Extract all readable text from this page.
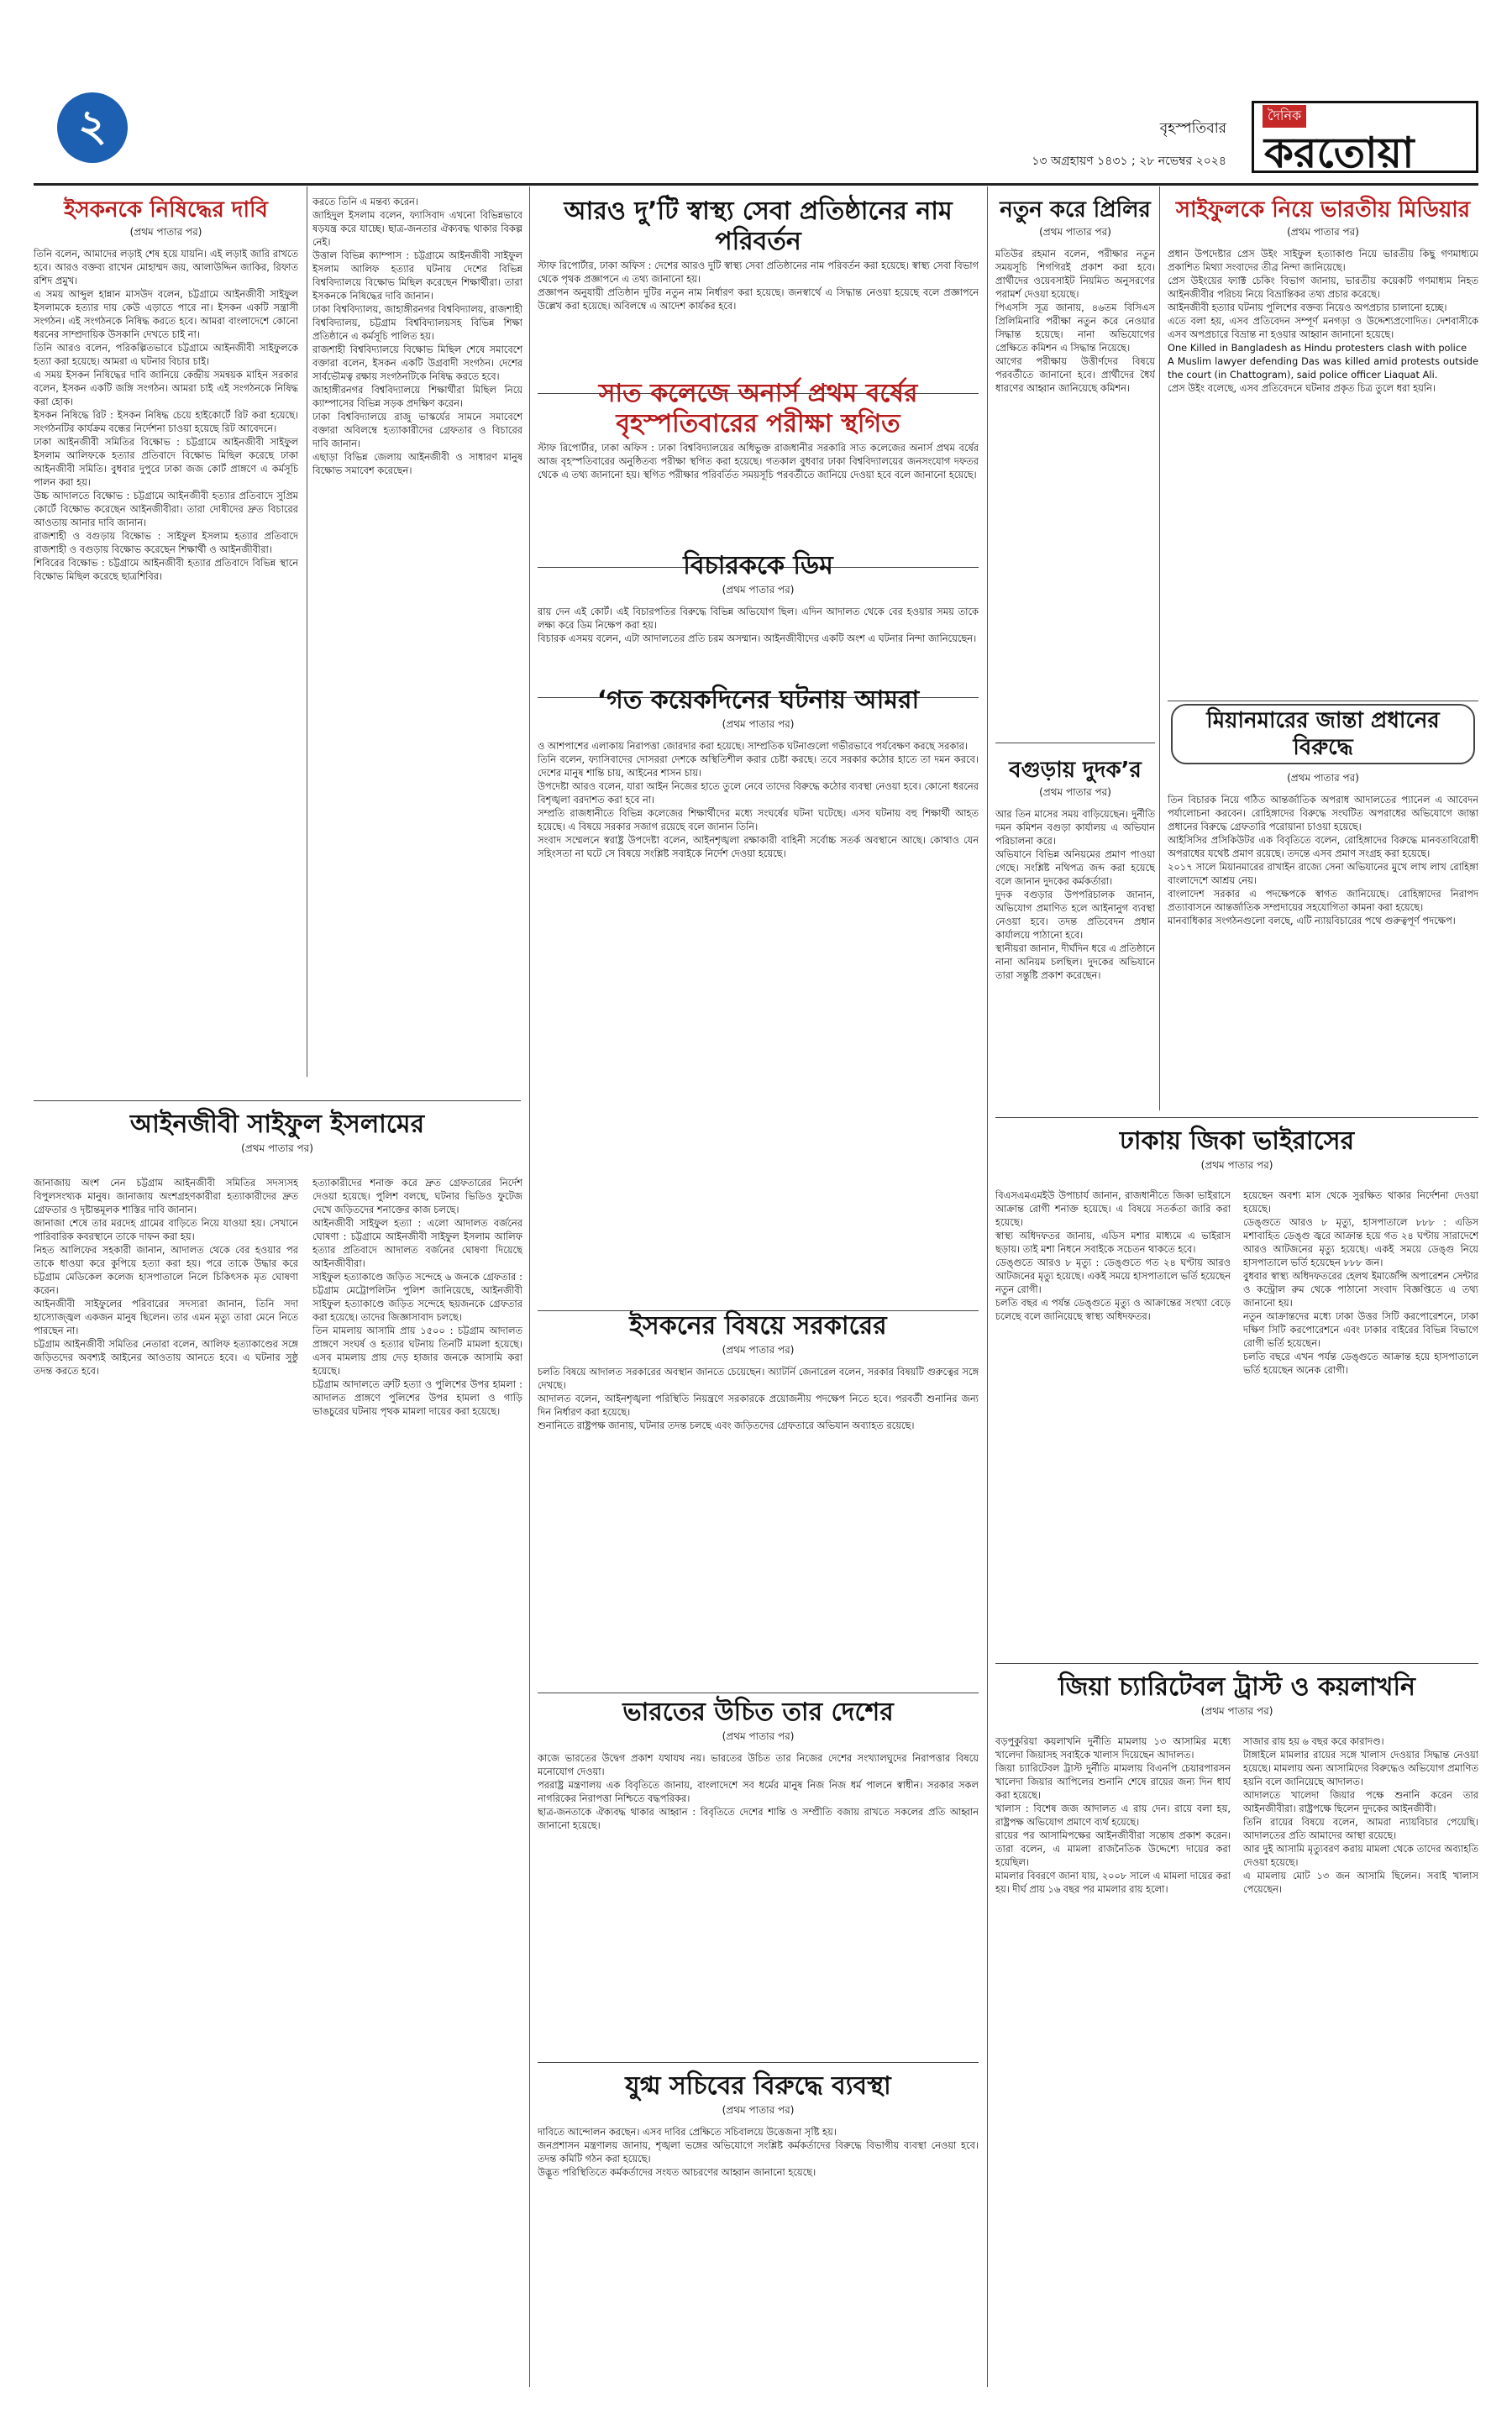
২	বৃহস্পতিবার
১৩ অগ্রহায়ণ ১৪৩১ ; ২৮ নভেম্বর ২০২৪
দৈনিক
করতোয়া
ইসকনকে নিষিদ্ধের দাবি
(প্রথম পাতার পর)
তিনি বলেন, আমাদের লড়াই শেষ হয়ে যায়নি। এই লড়াই জারি রাখতে হবে। আরও বক্তব্য রাখেন মোহাম্মদ জয়, আলাউদ্দিন জাকির, রিফাত রশিদ প্রমুখ।
এ সময় আব্দুল হান্নান মাসউদ বলেন, চট্টগ্রামে আইনজীবী সাইফুল ইসলামকে হত্যার দায় কেউ এড়াতে পারে না। ইসকন একটি সন্ত্রাসী সংগঠন। এই সংগঠনকে নিষিদ্ধ করতে হবে। আমরা বাংলাদেশে কোনো ধরনের সাম্প্রদায়িক উসকানি দেখতে চাই না।
তিনি আরও বলেন, পরিকল্পিতভাবে চট্টগ্রামে আইনজীবী সাইফুলকে হত্যা করা হয়েছে। আমরা এ ঘটনার বিচার চাই।
এ সময় ইসকন নিষিদ্ধের দাবি জানিয়ে কেন্দ্রীয় সমন্বয়ক মাহিন সরকার বলেন, ইসকন একটি জঙ্গি সংগঠন। আমরা চাই এই সংগঠনকে নিষিদ্ধ করা হোক।
ইসকন নিষিদ্ধে রিট : ইসকন নিষিদ্ধ চেয়ে হাইকোর্টে রিট করা হয়েছে। সংগঠনটির কার্যক্রম বন্ধের নির্দেশনা চাওয়া হয়েছে রিট আবেদনে।
ঢাকা আইনজীবী সমিতির বিক্ষোভ : চট্টগ্রামে আইনজীবী সাইফুল ইসলাম আলিফকে হত্যার প্রতিবাদে বিক্ষোভ মিছিল করেছে ঢাকা আইনজীবী সমিতি। বুধবার দুপুরে ঢাকা জজ কোর্ট প্রাঙ্গণে এ কর্মসূচি পালন করা হয়।
উচ্চ আদালতে বিক্ষোভ : চট্টগ্রামে আইনজীবী হত্যার প্রতিবাদে সুপ্রিম কোর্টে বিক্ষোভ করেছেন আইনজীবীরা। তারা দোষীদের দ্রুত বিচারের আওতায় আনার দাবি জানান।
রাজশাহী ও বগুড়ায় বিক্ষোভ : সাইফুল ইসলাম হত্যার প্রতিবাদে রাজশাহী ও বগুড়ায় বিক্ষোভ করেছেন শিক্ষার্থী ও আইনজীবীরা।
শিবিরের বিক্ষোভ : চট্টগ্রামে আইনজীবী হত্যার প্রতিবাদে বিভিন্ন স্থানে বিক্ষোভ মিছিল করেছে ছাত্রশিবির।
করতে তিনি এ মন্তব্য করেন।
জাহিদুল ইসলাম বলেন, ফ্যাসিবাদ এখনো বিভিন্নভাবে ষড়যন্ত্র করে যাচ্ছে। ছাত্র-জনতার ঐক্যবদ্ধ থাকার বিকল্প নেই।
উত্তাল বিভিন্ন ক্যাম্পাস : চট্টগ্রামে আইনজীবী সাইফুল ইসলাম আলিফ হত্যার ঘটনায় দেশের বিভিন্ন বিশ্ববিদ্যালয়ে বিক্ষোভ মিছিল করেছেন শিক্ষার্থীরা। তারা ইসকনকে নিষিদ্ধের দাবি জানান।
ঢাকা বিশ্ববিদ্যালয়, জাহাঙ্গীরনগর বিশ্ববিদ্যালয়, রাজশাহী বিশ্ববিদ্যালয়, চট্টগ্রাম বিশ্ববিদ্যালয়সহ বিভিন্ন শিক্ষা প্রতিষ্ঠানে এ কর্মসূচি পালিত হয়।
রাজশাহী বিশ্ববিদ্যালয়ে বিক্ষোভ মিছিল শেষে সমাবেশে বক্তারা বলেন, ইসকন একটি উগ্রবাদী সংগঠন। দেশের সার্বভৌমত্ব রক্ষায় সংগঠনটিকে নিষিদ্ধ করতে হবে।
জাহাঙ্গীরনগর বিশ্ববিদ্যালয়ে শিক্ষার্থীরা মিছিল নিয়ে ক্যাম্পাসের বিভিন্ন সড়ক প্রদক্ষিণ করেন।
ঢাকা বিশ্ববিদ্যালয়ে রাজু ভাস্কর্যের সামনে সমাবেশে বক্তারা অবিলম্বে হত্যাকারীদের গ্রেফতার ও বিচারের দাবি জানান।
এছাড়া বিভিন্ন জেলায় আইনজীবী ও সাধারণ মানুষ বিক্ষোভ সমাবেশ করেছেন।
আইনজীবী সাইফুল ইসলামের
(প্রথম পাতার পর)
জানাজায় অংশ নেন চট্টগ্রাম আইনজীবী সমিতির সদস্যসহ বিপুলসংখ্যক মানুষ। জানাজায় অংশগ্রহণকারীরা হত্যাকারীদের দ্রুত গ্রেফতার ও দৃষ্টান্তমূলক শাস্তির দাবি জানান।
জানাজা শেষে তার মরদেহ গ্রামের বাড়িতে নিয়ে যাওয়া হয়। সেখানে পারিবারিক কবরস্থানে তাকে দাফন করা হয়।
নিহত আলিফের সহকারী জানান, আদালত থেকে বের হওয়ার পর তাকে ধাওয়া করে কুপিয়ে হত্যা করা হয়। পরে তাকে উদ্ধার করে চট্টগ্রাম মেডিকেল কলেজ হাসপাতালে নিলে চিকিৎসক মৃত ঘোষণা করেন।
আইনজীবী সাইফুলের পরিবারের সদস্যরা জানান, তিনি সদা হাস্যোজ্জ্বল একজন মানুষ ছিলেন। তার এমন মৃত্যু তারা মেনে নিতে পারছেন না।
চট্টগ্রাম আইনজীবী সমিতির নেতারা বলেন, আলিফ হত্যাকাণ্ডের সঙ্গে জড়িতদের অবশ্যই আইনের আওতায় আনতে হবে। এ ঘটনার সুষ্ঠু তদন্ত করতে হবে।
হত্যাকারীদের শনাক্ত করে দ্রুত গ্রেফতারের নির্দেশ দেওয়া হয়েছে। পুলিশ বলছে, ঘটনার ভিডিও ফুটেজ দেখে জড়িতদের শনাক্তের কাজ চলছে।
আইনজীবী সাইফুল হত্যা : এলো আদালত বর্জনের ঘোষণা : চট্টগ্রামে আইনজীবী সাইফুল ইসলাম আলিফ হত্যার প্রতিবাদে আদালত বর্জনের ঘোষণা দিয়েছে আইনজীবীরা।
সাইফুল হত্যাকাণ্ডে জড়িত সন্দেহে ৬ জনকে গ্রেফতার : চট্টগ্রাম মেট্রোপলিটন পুলিশ জানিয়েছে, আইনজীবী সাইফুল হত্যাকাণ্ডে জড়িত সন্দেহে ছয়জনকে গ্রেফতার করা হয়েছে। তাদের জিজ্ঞাসাবাদ চলছে।
তিন মামলায় আসামি প্রায় ১৫০০ : চট্টগ্রাম আদালত প্রাঙ্গণে সংঘর্ষ ও হত্যার ঘটনায় তিনটি মামলা হয়েছে। এসব মামলায় প্রায় দেড় হাজার জনকে আসামি করা হয়েছে।
চট্টগ্রাম আদালতে ত্রুটি হত্যা ও পুলিশের উপর হামলা : আদালত প্রাঙ্গণে পুলিশের উপর হামলা ও গাড়ি ভাঙচুরের ঘটনায় পৃথক মামলা দায়ের করা হয়েছে।
আরও দু’টি স্বাস্থ্য সেবা প্রতিষ্ঠানের নাম পরিবর্তন
স্টাফ রিপোর্টার, ঢাকা অফিস : দেশের আরও দুটি স্বাস্থ্য সেবা প্রতিষ্ঠানের নাম পরিবর্তন করা হয়েছে। স্বাস্থ্য সেবা বিভাগ থেকে পৃথক প্রজ্ঞাপনে এ তথ্য জানানো হয়।
প্রজ্ঞাপন অনুযায়ী প্রতিষ্ঠান দুটির নতুন নাম নির্ধারণ করা হয়েছে। জনস্বার্থে এ সিদ্ধান্ত নেওয়া হয়েছে বলে প্রজ্ঞাপনে উল্লেখ করা হয়েছে। অবিলম্বে এ আদেশ কার্যকর হবে।
সাত কলেজে অনার্স প্রথম বর্ষের বৃহস্পতিবারের পরীক্ষা স্থগিত
স্টাফ রিপোর্টার, ঢাকা অফিস : ঢাকা বিশ্ববিদ্যালয়ের অধিভুক্ত রাজধানীর সরকারি সাত কলেজের অনার্স প্রথম বর্ষের আজ বৃহস্পতিবারের অনুষ্ঠিতব্য পরীক্ষা স্থগিত করা হয়েছে। গতকাল বুধবার ঢাকা বিশ্ববিদ্যালয়ের জনসংযোগ দফতর থেকে এ তথ্য জানানো হয়। স্থগিত পরীক্ষার পরিবর্তিত সময়সূচি পরবর্তীতে জানিয়ে দেওয়া হবে বলে জানানো হয়েছে।
বিচারককে ডিম
(প্রথম পাতার পর)
রায় দেন এই কোর্ট। এই বিচারপতির বিরুদ্ধে বিভিন্ন অভিযোগ ছিল। এদিন আদালত থেকে বের হওয়ার সময় তাকে লক্ষ্য করে ডিম নিক্ষেপ করা হয়।
বিচারক এসময় বলেন, এটা আদালতের প্রতি চরম অসম্মান। আইনজীবীদের একটি অংশ এ ঘটনার নিন্দা জানিয়েছেন।
‘গত কয়েকদিনের ঘটনায় আমরা
(প্রথম পাতার পর)
ও আশপাশের এলাকায় নিরাপত্তা জোরদার করা হয়েছে। সাম্প্রতিক ঘটনাগুলো গভীরভাবে পর্যবেক্ষণ করছে সরকার।
তিনি বলেন, ফ্যাসিবাদের দোসররা দেশকে অস্থিতিশীল করার চেষ্টা করছে। তবে সরকার কঠোর হাতে তা দমন করবে। দেশের মানুষ শান্তি চায়, আইনের শাসন চায়।
উপদেষ্টা আরও বলেন, যারা আইন নিজের হাতে তুলে নেবে তাদের বিরুদ্ধে কঠোর ব্যবস্থা নেওয়া হবে। কোনো ধরনের বিশৃঙ্খলা বরদাশত করা হবে না।
সম্প্রতি রাজধানীতে বিভিন্ন কলেজের শিক্ষার্থীদের মধ্যে সংঘর্ষের ঘটনা ঘটেছে। এসব ঘটনায় বহু শিক্ষার্থী আহত হয়েছে। এ বিষয়ে সরকার সজাগ রয়েছে বলে জানান তিনি।
সংবাদ সম্মেলনে স্বরাষ্ট্র উপদেষ্টা বলেন, আইনশৃঙ্খলা রক্ষাকারী বাহিনী সর্বোচ্চ সতর্ক অবস্থানে আছে। কোথাও যেন সহিংসতা না ঘটে সে বিষয়ে সংশ্লিষ্ট সবাইকে নির্দেশ দেওয়া হয়েছে।
ইসকনের বিষয়ে সরকারের
(প্রথম পাতার পর)
চলতি বিষয়ে আদালত সরকারের অবস্থান জানতে চেয়েছেন। অ্যাটর্নি জেনারেল বলেন, সরকার বিষয়টি গুরুত্বের সঙ্গে দেখছে।
আদালত বলেন, আইনশৃঙ্খলা পরিস্থিতি নিয়ন্ত্রণে সরকারকে প্রয়োজনীয় পদক্ষেপ নিতে হবে। পরবর্তী শুনানির জন্য দিন নির্ধারণ করা হয়েছে।
শুনানিতে রাষ্ট্রপক্ষ জানায়, ঘটনার তদন্ত চলছে এবং জড়িতদের গ্রেফতারে অভিযান অব্যাহত রয়েছে।
ভারতের উচিত তার দেশের
(প্রথম পাতার পর)
কাজে ভারতের উদ্বেগ প্রকাশ যথাযথ নয়। ভারতের উচিত তার নিজের দেশের সংখ্যালঘুদের নিরাপত্তার বিষয়ে মনোযোগ দেওয়া।
পররাষ্ট্র মন্ত্রণালয় এক বিবৃতিতে জানায়, বাংলাদেশে সব ধর্মের মানুষ নিজ নিজ ধর্ম পালনে স্বাধীন। সরকার সকল নাগরিকের নিরাপত্তা নিশ্চিতে বদ্ধপরিকর।
ছাত্র-জনতাকে ঐক্যবদ্ধ থাকার আহ্বান : বিবৃতিতে দেশের শান্তি ও সম্প্রীতি বজায় রাখতে সকলের প্রতি আহ্বান জানানো হয়েছে।
যুগ্ম সচিবের বিরুদ্ধে ব্যবস্থা
(প্রথম পাতার পর)
দাবিতে আন্দোলন করছেন। এসব দাবির প্রেক্ষিতে সচিবালয়ে উত্তেজনা সৃষ্টি হয়।
জনপ্রশাসন মন্ত্রণালয় জানায়, শৃঙ্খলা ভঙ্গের অভিযোগে সংশ্লিষ্ট কর্মকর্তাদের বিরুদ্ধে বিভাগীয় ব্যবস্থা নেওয়া হবে। তদন্ত কমিটি গঠন করা হয়েছে।
উদ্ভূত পরিস্থিতিতে কর্মকর্তাদের সংযত আচরণের আহ্বান জানানো হয়েছে।
নতুন করে প্রিলির
(প্রথম পাতার পর)
মতিউর রহমান বলেন, পরীক্ষার নতুন সময়সূচি শিগগিরই প্রকাশ করা হবে। প্রার্থীদের ওয়েবসাইট নিয়মিত অনুসরণের পরামর্শ দেওয়া হয়েছে।
পিএসসি সূত্র জানায়, ৪৬তম বিসিএস প্রিলিমিনারি পরীক্ষা নতুন করে নেওয়ার সিদ্ধান্ত হয়েছে। নানা অভিযোগের প্রেক্ষিতে কমিশন এ সিদ্ধান্ত নিয়েছে।
আগের পরীক্ষায় উত্তীর্ণদের বিষয়ে পরবর্তীতে জানানো হবে। প্রার্থীদের ধৈর্য ধারণের আহ্বান জানিয়েছে কমিশন।
বগুড়ায় দুদক’র
(প্রথম পাতার পর)
আর তিন মাসের সময় বাড়িয়েছেন। দুর্নীতি দমন কমিশন বগুড়া কার্যালয় এ অভিযান পরিচালনা করে।
অভিযানে বিভিন্ন অনিয়মের প্রমাণ পাওয়া গেছে। সংশ্লিষ্ট নথিপত্র জব্দ করা হয়েছে বলে জানান দুদকের কর্মকর্তারা।
দুদক বগুড়ার উপপরিচালক জানান, অভিযোগ প্রমাণিত হলে আইনানুগ ব্যবস্থা নেওয়া হবে। তদন্ত প্রতিবেদন প্রধান কার্যালয়ে পাঠানো হবে।
স্থানীয়রা জানান, দীর্ঘদিন ধরে এ প্রতিষ্ঠানে নানা অনিয়ম চলছিল। দুদকের অভিযানে তারা সন্তুষ্টি প্রকাশ করেছেন।
সাইফুলকে নিয়ে ভারতীয় মিডিয়ার
(প্রথম পাতার পর)
প্রধান উপদেষ্টার প্রেস উইং সাইফুল হত্যাকাণ্ড নিয়ে ভারতীয় কিছু গণমাধ্যমে প্রকাশিত মিথ্যা সংবাদের তীব্র নিন্দা জানিয়েছে।
প্রেস উইংয়ের ফ্যাক্ট চেকিং বিভাগ জানায়, ভারতীয় কয়েকটি গণমাধ্যম নিহত আইনজীবীর পরিচয় নিয়ে বিভ্রান্তিকর তথ্য প্রচার করেছে।
আইনজীবী হত্যার ঘটনায় পুলিশের বক্তব্য নিয়েও অপপ্রচার চালানো হচ্ছে।
এতে বলা হয়, এসব প্রতিবেদন সম্পূর্ণ মনগড়া ও উদ্দেশ্যপ্রণোদিত। দেশবাসীকে এসব অপপ্রচারে বিভ্রান্ত না হওয়ার আহ্বান জানানো হয়েছে।
One Killed in Bangladesh as Hindu protesters clash with police
A Muslim lawyer defending Das was killed amid protests outside the court (in Chattogram), said police officer Liaquat Ali.
প্রেস উইং বলেছে, এসব প্রতিবেদনে ঘটনার প্রকৃত চিত্র তুলে ধরা হয়নি।
মিয়ানমারের জান্তা প্রধানের বিরুদ্ধে
(প্রথম পাতার পর)
তিন বিচারক নিয়ে গঠিত আন্তর্জাতিক অপরাধ আদালতের প্যানেল এ আবেদন পর্যালোচনা করবেন। রোহিঙ্গাদের বিরুদ্ধে সংঘটিত অপরাধের অভিযোগে জান্তা প্রধানের বিরুদ্ধে গ্রেফতারি পরোয়ানা চাওয়া হয়েছে।
আইসিসির প্রসিকিউটর এক বিবৃতিতে বলেন, রোহিঙ্গাদের বিরুদ্ধে মানবতাবিরোধী অপরাধের যথেষ্ট প্রমাণ রয়েছে। তদন্তে এসব প্রমাণ সংগ্রহ করা হয়েছে।
২০১৭ সালে মিয়ানমারের রাখাইন রাজ্যে সেনা অভিযানের মুখে লাখ লাখ রোহিঙ্গা বাংলাদেশে আশ্রয় নেয়।
বাংলাদেশ সরকার এ পদক্ষেপকে স্বাগত জানিয়েছে। রোহিঙ্গাদের নিরাপদ প্রত্যাবাসনে আন্তর্জাতিক সম্প্রদায়ের সহযোগিতা কামনা করা হয়েছে।
মানবাধিকার সংগঠনগুলো বলছে, এটি ন্যায়বিচারের পথে গুরুত্বপূর্ণ পদক্ষেপ।
ঢাকায় জিকা ভাইরাসের
(প্রথম পাতার পর)
বিএসএমএমইউ উপাচার্য জানান, রাজধানীতে জিকা ভাইরাসে আক্রান্ত রোগী শনাক্ত হয়েছে। এ বিষয়ে সতর্কতা জারি করা হয়েছে।
স্বাস্থ্য অধিদফতর জানায়, এডিস মশার মাধ্যমে এ ভাইরাস ছড়ায়। তাই মশা নিধনে সবাইকে সচেতন থাকতে হবে।
ডেঙ্গুতে আরও ৮ মৃত্যু : ডেঙ্গুতে গত ২৪ ঘণ্টায় আরও আটজনের মৃত্যু হয়েছে। একই সময়ে হাসপাতালে ভর্তি হয়েছেন নতুন রোগী।
চলতি বছর এ পর্যন্ত ডেঙ্গুতে মৃত্যু ও আক্রান্তের সংখ্যা বেড়ে চলেছে বলে জানিয়েছে স্বাস্থ্য অধিদফতর।
হয়েছেন অবশ্য মাস থেকে সুরক্ষিত থাকার নির্দেশনা দেওয়া হয়েছে।
ডেঙ্গুতে আরও ৮ মৃত্যু, হাসপাতালে ৮৮৮ : এডিস মশাবাহিত ডেঙ্গু জ্বরে আক্রান্ত হয়ে গত ২৪ ঘণ্টায় সারাদেশে আরও আটজনের মৃত্যু হয়েছে। একই সময়ে ডেঙ্গু নিয়ে হাসপাতালে ভর্তি হয়েছেন ৮৮৮ জন।
বুধবার স্বাস্থ্য অধিদফতরের হেলথ ইমার্জেন্সি অপারেশন সেন্টার ও কন্ট্রোল রুম থেকে পাঠানো সংবাদ বিজ্ঞপ্তিতে এ তথ্য জানানো হয়।
নতুন আক্রান্তদের মধ্যে ঢাকা উত্তর সিটি করপোরেশনে, ঢাকা দক্ষিণ সিটি করপোরেশনে এবং ঢাকার বাইরের বিভিন্ন বিভাগে রোগী ভর্তি হয়েছেন।
চলতি বছরে এখন পর্যন্ত ডেঙ্গুতে আক্রান্ত হয়ে হাসপাতালে ভর্তি হয়েছেন অনেক রোগী।
জিয়া চ্যারিটেবল ট্রাস্ট ও কয়লাখনি
(প্রথম পাতার পর)
বড়পুকুরিয়া কয়লাখনি দুর্নীতি মামলায় ১৩ আসামির মধ্যে খালেদা জিয়াসহ সবাইকে খালাস দিয়েছেন আদালত।
জিয়া চ্যারিটেবল ট্রাস্ট দুর্নীতি মামলায় বিএনপি চেয়ারপারসন খালেদা জিয়ার আপিলের শুনানি শেষে রায়ের জন্য দিন ধার্য করা হয়েছে।
খালাস : বিশেষ জজ আদালত এ রায় দেন। রায়ে বলা হয়, রাষ্ট্রপক্ষ অভিযোগ প্রমাণে ব্যর্থ হয়েছে।
রায়ের পর আসামিপক্ষের আইনজীবীরা সন্তোষ প্রকাশ করেন। তারা বলেন, এ মামলা রাজনৈতিক উদ্দেশ্যে দায়ের করা হয়েছিল।
মামলার বিবরণে জানা যায়, ২০০৮ সালে এ মামলা দায়ের করা হয়। দীর্ঘ প্রায় ১৬ বছর পর মামলার রায় হলো।
সাজার রায় হয় ৬ বছর করে কারাদণ্ড।
টাঙ্গাইলে মামলার রায়ের সঙ্গে খালাস দেওয়ার সিদ্ধান্ত নেওয়া হয়েছে। মামলায় অন্য আসামিদের বিরুদ্ধেও অভিযোগ প্রমাণিত হয়নি বলে জানিয়েছে আদালত।
আদালতে খালেদা জিয়ার পক্ষে শুনানি করেন তার আইনজীবীরা। রাষ্ট্রপক্ষে ছিলেন দুদকের আইনজীবী।
তিনি রায়ের বিষয়ে বলেন, আমরা ন্যায়বিচার পেয়েছি। আদালতের প্রতি আমাদের আস্থা রয়েছে।
আর দুই আসামি মৃত্যুবরণ করায় মামলা থেকে তাদের অব্যাহতি দেওয়া হয়েছে।
এ মামলায় মোট ১৩ জন আসামি ছিলেন। সবাই খালাস পেয়েছেন।
